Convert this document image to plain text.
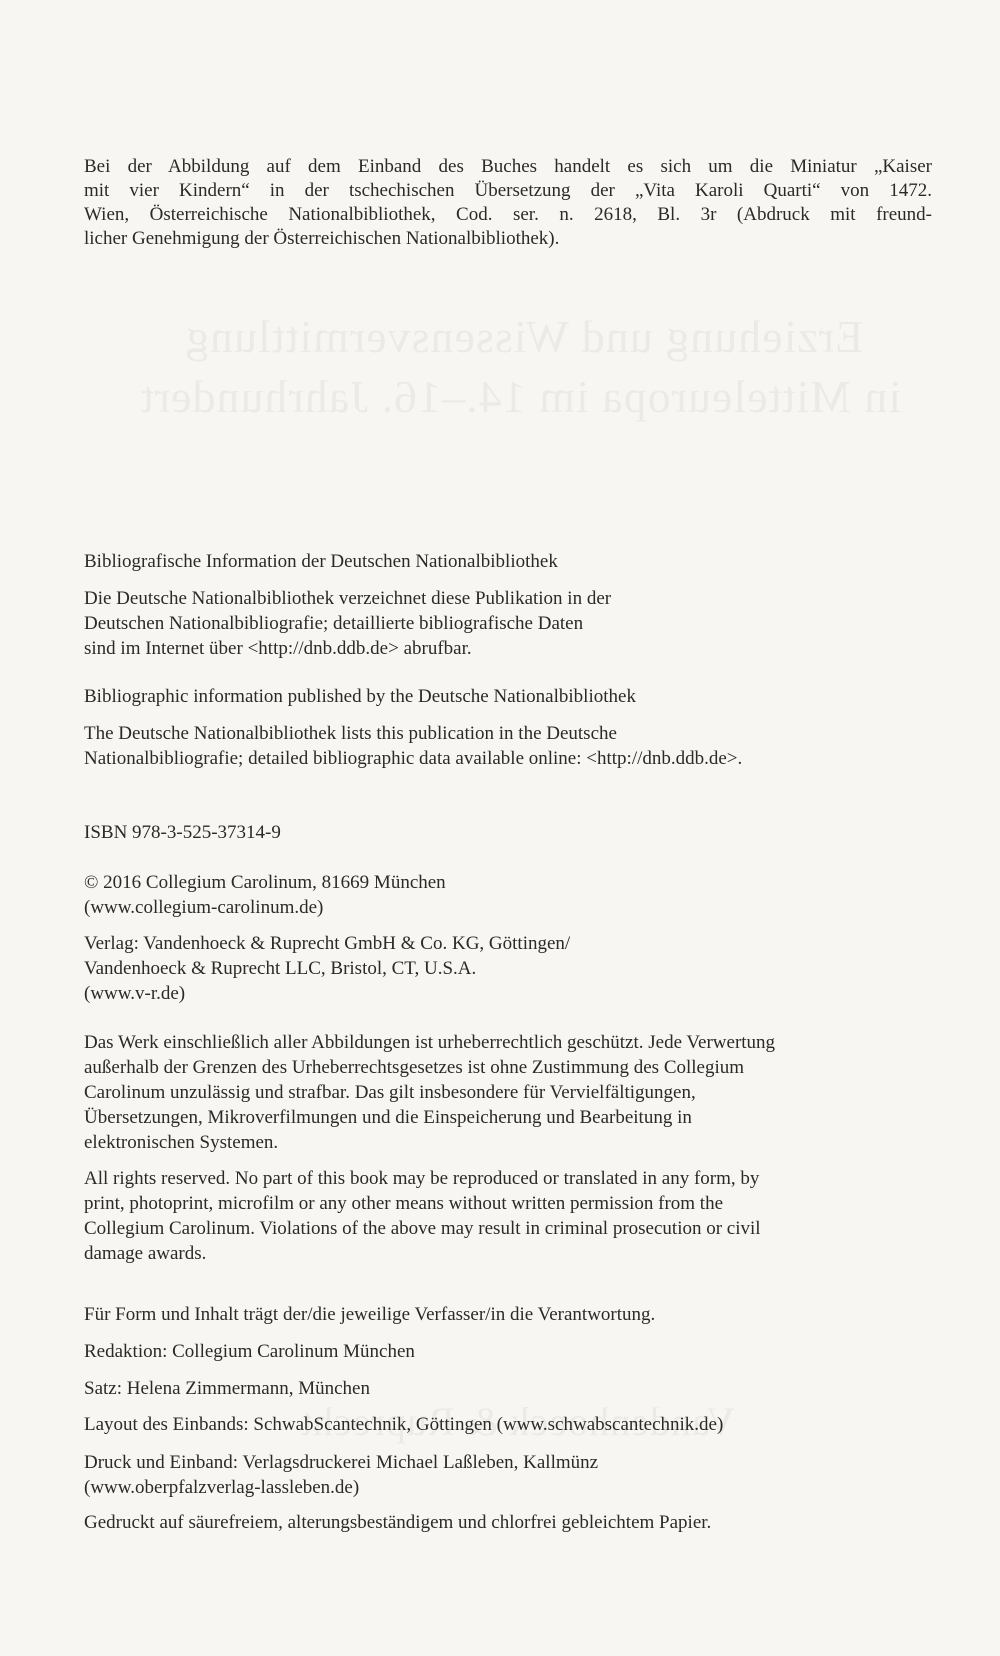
Bei der Abbildung auf dem Einband des Buches handelt es sich um die Miniatur „Kaiser
mit vier Kindern“ in der tschechischen Übersetzung der „Vita Karoli Quarti“ von 1472.
Wien, Österreichische Nationalbibliothek, Cod. ser. n. 2618, Bl. 3r (Abdruck mit freund-
licher Genehmigung der Österreichischen Nationalbibliothek).
Bibliografische Information der Deutschen Nationalbibliothek
Die Deutsche Nationalbibliothek verzeichnet diese Publikation in der
Deutschen Nationalbibliografie; detaillierte bibliografische Daten
sind im Internet über <http://dnb.ddb.de> abrufbar.
Bibliographic information published by the Deutsche Nationalbibliothek
The Deutsche Nationalbibliothek lists this publication in the Deutsche
Nationalbibliografie; detailed bibliographic data available online: <http://dnb.ddb.de>.
ISBN 978-3-525-37314-9
© 2016 Collegium Carolinum, 81669 München
(www.collegium-carolinum.de)
Verlag: Vandenhoeck & Ruprecht GmbH & Co. KG, Göttingen/
Vandenhoeck & Ruprecht LLC, Bristol, CT, U.S.A.
(www.v-r.de)
Das Werk einschließlich aller Abbildungen ist urheberrechtlich geschützt. Jede Verwertung
außerhalb der Grenzen des Urheberrechtsgesetzes ist ohne Zustimmung des Collegium
Carolinum unzulässig und strafbar. Das gilt insbesondere für Vervielfältigungen,
Übersetzungen, Mikroverfilmungen und die Einspeicherung und Bearbeitung in
elektronischen Systemen.
All rights reserved. No part of this book may be reproduced or translated in any form, by
print, photoprint, microfilm or any other means without written permission from the
Collegium Carolinum. Violations of the above may result in criminal prosecution or civil
damage awards.
Für Form und Inhalt trägt der/die jeweilige Verfasser/in die Verantwortung.
Redaktion: Collegium Carolinum München
Satz: Helena Zimmermann, München
Layout des Einbands: SchwabScantechnik, Göttingen (www.schwabscantechnik.de)
Druck und Einband: Verlagsdruckerei Michael Laßleben, Kallmünz
(www.oberpfalzverlag-lassleben.de)
Gedruckt auf säurefreiem, alterungsbeständigem und chlorfrei gebleichtem Papier.
